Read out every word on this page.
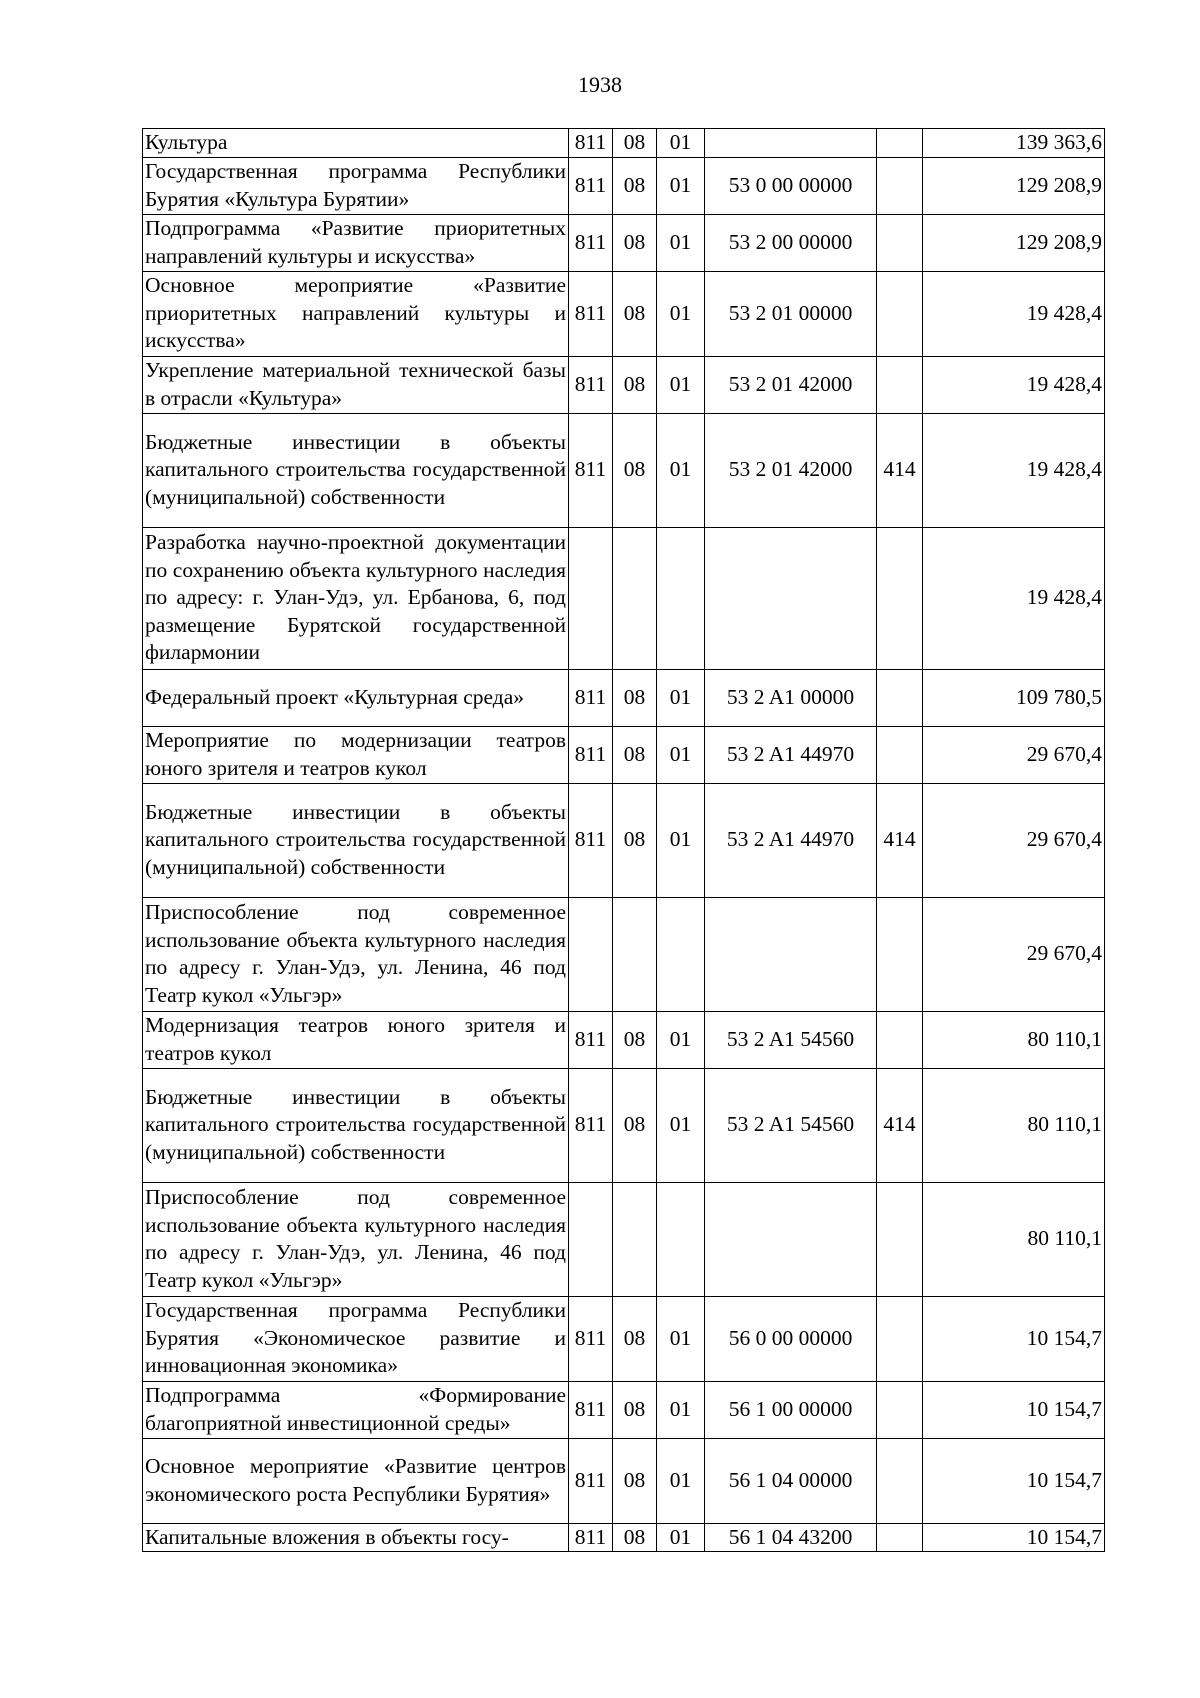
1938
Культура	811	08	01			139 363,6
Государственная программа Республики Бурятия «Культура Бурятии»	811	08	01	53 0 00 00000		129 208,9
Подпрограмма «Развитие приоритетных направлений культуры и искусства»	811	08	01	53 2 00 00000		129 208,9
Основное мероприятие «Развитие приоритетных направлений культуры и искусства»	811	08	01	53 2 01 00000		19 428,4
Укрепление материальной технической базы в отрасли «Культура»	811	08	01	53 2 01 42000		19 428,4
Бюджетные инвестиции в объекты капитального строительства государственной (муниципальной) собственности	811	08	01	53 2 01 42000	414	19 428,4
Разработка научно-проектной документации по сохранению объекта культурного наследия по адресу: г. Улан-Удэ, ул. Ербанова, 6, под размещение Бурятской государственной филармонии						19 428,4
Федеральный проект «Культурная среда»	811	08	01	53 2 A1 00000		109 780,5
Мероприятие по модернизации театров юного зрителя и театров кукол	811	08	01	53 2 A1 44970		29 670,4
Бюджетные инвестиции в объекты капитального строительства государственной (муниципальной) собственности	811	08	01	53 2 A1 44970	414	29 670,4
Приспособление под современное использование объекта культурного наследия по адресу г. Улан-Удэ, ул. Ленина, 46 под Театр кукол «Ульгэр»						29 670,4
Модернизация театров юного зрителя и театров кукол	811	08	01	53 2 A1 54560		80 110,1
Бюджетные инвестиции в объекты капитального строительства государственной (муниципальной) собственности	811	08	01	53 2 A1 54560	414	80 110,1
Приспособление под современное использование объекта культурного наследия по адресу г. Улан-Удэ, ул. Ленина, 46 под Театр кукол «Ульгэр»						80 110,1
Государственная программа Республики Бурятия «Экономическое развитие и инновационная экономика»	811	08	01	56 0 00 00000		10 154,7
Подпрограмма «Формирование благоприятной инвестиционной среды»	811	08	01	56 1 00 00000		10 154,7
Основное мероприятие «Развитие центров экономического роста Республики Бурятия»	811	08	01	56 1 04 00000		10 154,7
Капитальные вложения в объекты госу-	811	08	01	56 1 04 43200		10 154,7
